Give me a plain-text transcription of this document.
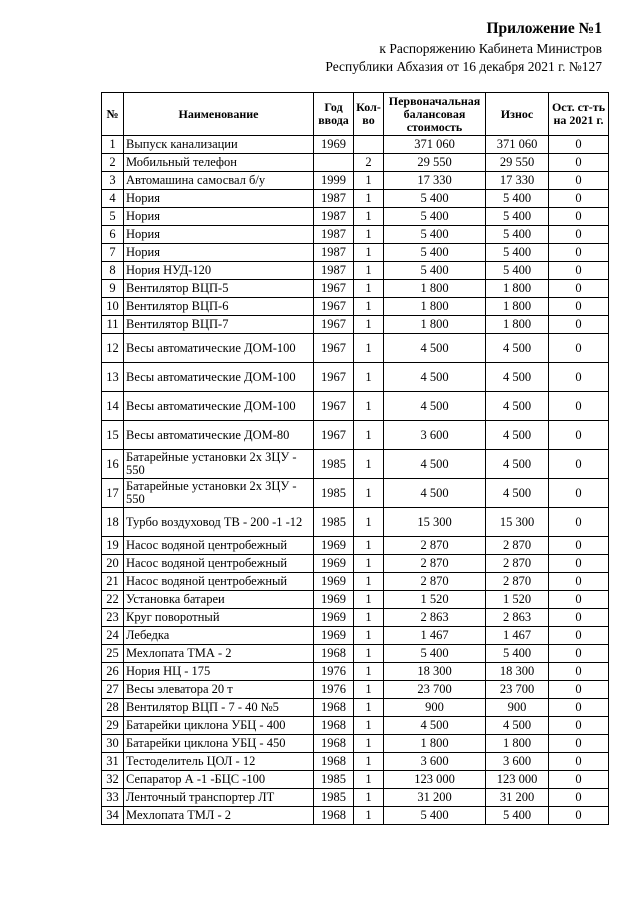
Приложение №1
к Распоряжению Кабинета Министров
Республики Абхазия от 16 декабря 2021 г. №127
№	Наименование	Год ввода	Кол-во	Первоначальная балансовая стоимость	Износ	Ост. ст-ть на 2021 г.
1	Выпуск канализации	1969		371 060	371 060	0
2	Мобильный телефон		2	29 550	29 550	0
3	Автомашина самосвал б/у	1999	1	17 330	17 330	0
4	Нория	1987	1	5 400	5 400	0
5	Нория	1987	1	5 400	5 400	0
6	Нория	1987	1	5 400	5 400	0
7	Нория	1987	1	5 400	5 400	0
8	Нория НУД-120	1987	1	5 400	5 400	0
9	Вентилятор ВЦП-5	1967	1	1 800	1 800	0
10	Вентилятор ВЦП-6	1967	1	1 800	1 800	0
11	Вентилятор ВЦП-7	1967	1	1 800	1 800	0
12	Весы автоматические ДОМ-100	1967	1	4 500	4 500	0
13	Весы автоматические ДОМ-100	1967	1	4 500	4 500	0
14	Весы автоматические ДОМ-100	1967	1	4 500	4 500	0
15	Весы автоматические ДОМ-80	1967	1	3 600	4 500	0
16	Батарейные установки 2х ЗЦУ - 550	1985	1	4 500	4 500	0
17	Батарейные установки 2х ЗЦУ - 550	1985	1	4 500	4 500	0
18	Турбо воздуховод ТВ - 200 -1 -12	1985	1	15 300	15 300	0
19	Насос водяной центробежный	1969	1	2 870	2 870	0
20	Насос водяной центробежный	1969	1	2 870	2 870	0
21	Насос водяной центробежный	1969	1	2 870	2 870	0
22	Установка батареи	1969	1	1 520	1 520	0
23	Круг поворотный	1969	1	2 863	2 863	0
24	Лебедка	1969	1	1 467	1 467	0
25	Мехлопата ТМА - 2	1968	1	5 400	5 400	0
26	Нория НЦ - 175	1976	1	18 300	18 300	0
27	Весы элеватора 20 т	1976	1	23 700	23 700	0
28	Вентилятор ВЦП - 7 - 40 №5	1968	1	900	900	0
29	Батарейки циклона УБЦ - 400	1968	1	4 500	4 500	0
30	Батарейки циклона УБЦ - 450	1968	1	1 800	1 800	0
31	Тестоделитель ЦОЛ - 12	1968	1	3 600	3 600	0
32	Сепаратор А -1 -БЦС -100	1985	1	123 000	123 000	0
33	Ленточный транспортер ЛТ	1985	1	31 200	31 200	0
34	Мехлопата ТМЛ - 2	1968	1	5 400	5 400	0
